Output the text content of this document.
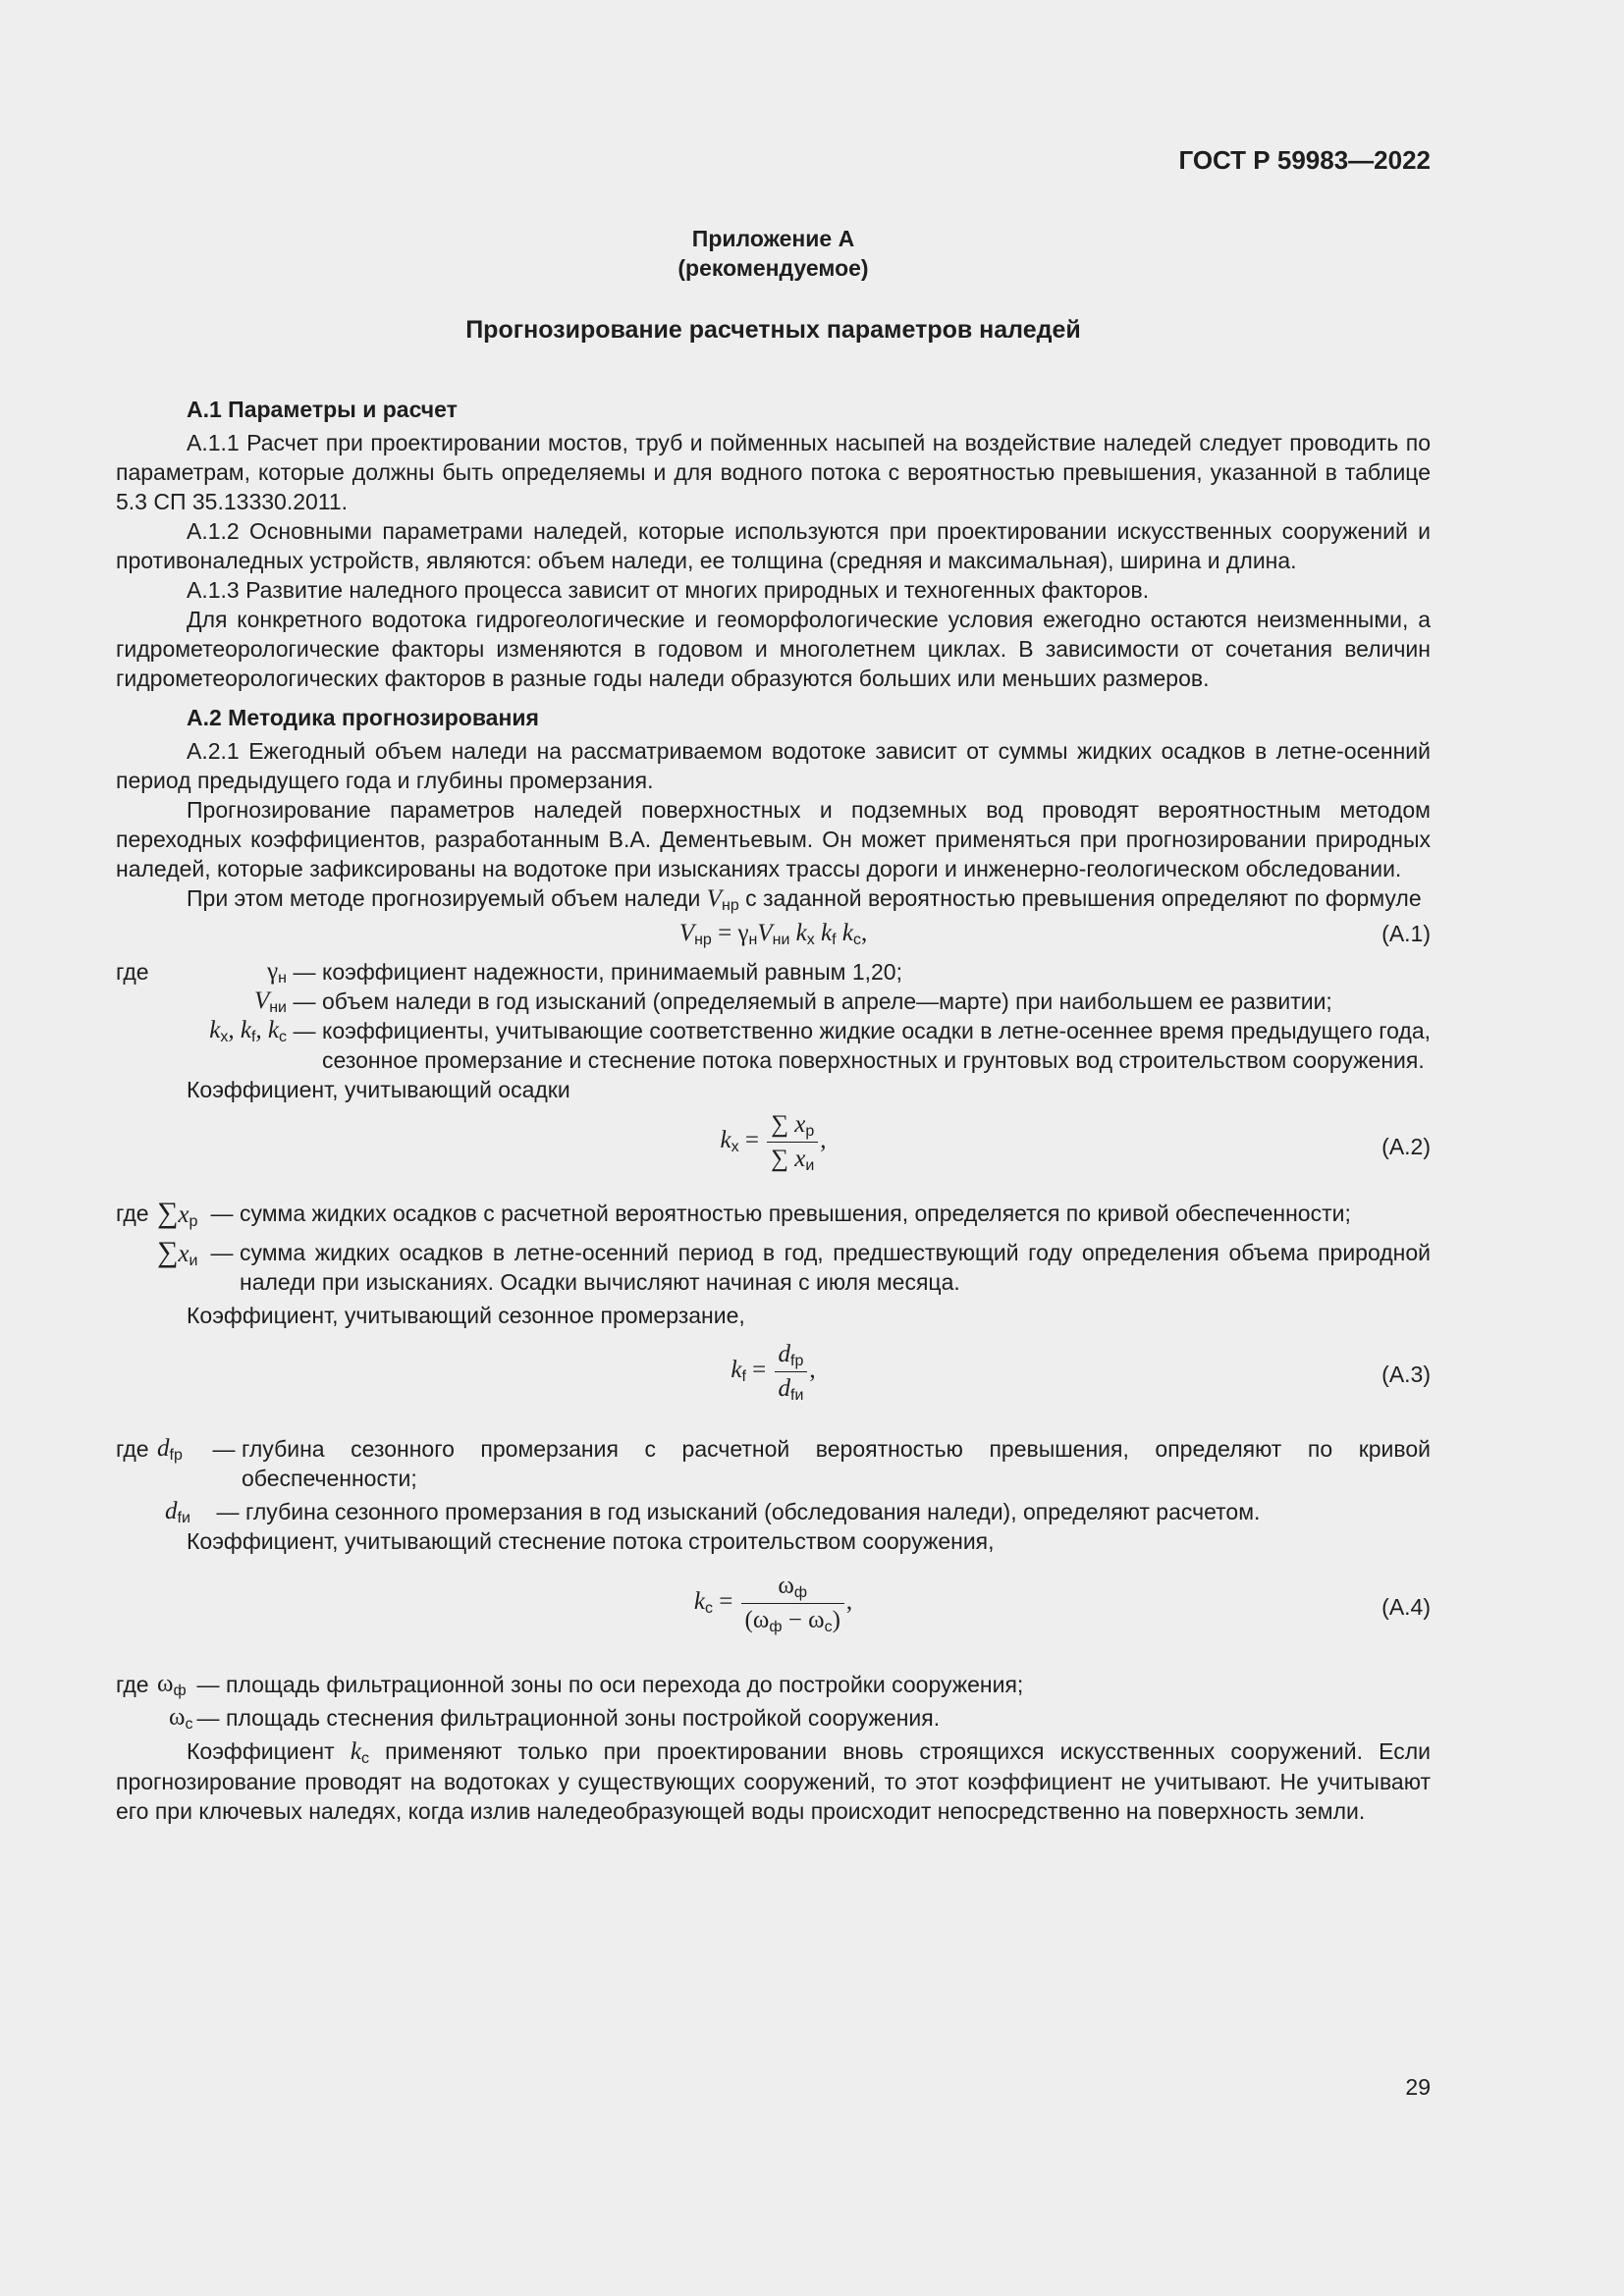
ГОСТ Р 59983—2022
Приложение А
(рекомендуемое)
Прогнозирование расчетных параметров наледей
А.1 Параметры и расчет
А.1.1 Расчет при проектировании мостов, труб и пойменных насыпей на воздействие наледей следует проводить по параметрам, которые должны быть определяемы и для водного потока с вероятностью превышения, указанной в таблице 5.3 СП 35.13330.2011.
А.1.2 Основными параметрами наледей, которые используются при проектировании искусственных сооружений и противоналедных устройств, являются: объем наледи, ее толщина (средняя и максимальная), ширина и длина.
А.1.3 Развитие наледного процесса зависит от многих природных и техногенных факторов.
Для конкретного водотока гидрогеологические и геоморфологические условия ежегодно остаются неизменными, а гидрометеорологические факторы изменяются в годовом и многолетнем циклах. В зависимости от сочетания величин гидрометеорологических факторов в разные годы наледи образуются больших или меньших размеров.
А.2 Методика прогнозирования
А.2.1 Ежегодный объем наледи на рассматриваемом водотоке зависит от суммы жидких осадков в летне-осенний период предыдущего года и глубины промерзания.
Прогнозирование параметров наледей поверхностных и подземных вод проводят вероятностным методом переходных коэффициентов, разработанным В.А. Дементьевым. Он может применяться при прогнозировании природных наледей, которые зафиксированы на водотоке при изысканиях трассы дороги и инженерно-геологическом обследовании.
При этом методе прогнозируемый объем наледи $V_{нр}$ с заданной вероятностью превышения определяют по формуле
$V_{нр} = \gamma_нV_{ни}$ $k_x$ $k_f$ $k_c$,	(А.1)
где	$\gamma_н$ — коэффициент надежности, принимаемый равным 1,20;
$V_{ни}$ — объем наледи в год изысканий (определяемый в апреле—марте) при наибольшем ее развитии;
$k_x$, $k_f$, $k_c$ — коэффициенты, учитывающие соответственно жидкие осадки в летне-осеннее время предыдущего года, сезонное промерзание и стеснение потока поверхностных и грунтовых вод строительством сооружения.
Коэффициент, учитывающий осадки
$k_x$ =
∑ $x_р$
∑ $x_и$
,	(А.2)
где $\sum x_р$ — сумма жидких осадков с расчетной вероятностью превышения, определяется по кривой обеспеченности;
$\sum x_и$ — сумма жидких осадков в летне-осенний период в год, предшествующий году определения объема природной наледи при изысканиях. Осадки вычисляют начиная с июля месяца.
Коэффициент, учитывающий сезонное промерзание,
$k_f$ =
$d_{fр}$
$d_{fи}$
,	(А.3)
где $d_{fр}$	— глубина сезонного промерзания с расчетной вероятностью превышения, определяют по кривой обеспеченности;
$d_{fи}$	— глубина сезонного промерзания в год изысканий (обследования наледи), определяют расчетом.
Коэффициент, учитывающий стеснение потока строительством сооружения,
$k_c$ =
$\omega_ф$
$(\omega_ф - \omega_c)$
,	(А.4)
где $\omega_ф$ — площадь фильтрационной зоны по оси перехода до постройки сооружения;
$\omega_c$ — площадь стеснения фильтрационной зоны постройкой сооружения.
Коэффициент $k_c$ применяют только при проектировании вновь строящихся искусственных сооружений. Если прогнозирование проводят на водотоках у существующих сооружений, то этот коэффициент не учитывают. Не учитывают его при ключевых наледях, когда излив наледеобразующей воды происходит непосредственно на поверхность земли.
29
